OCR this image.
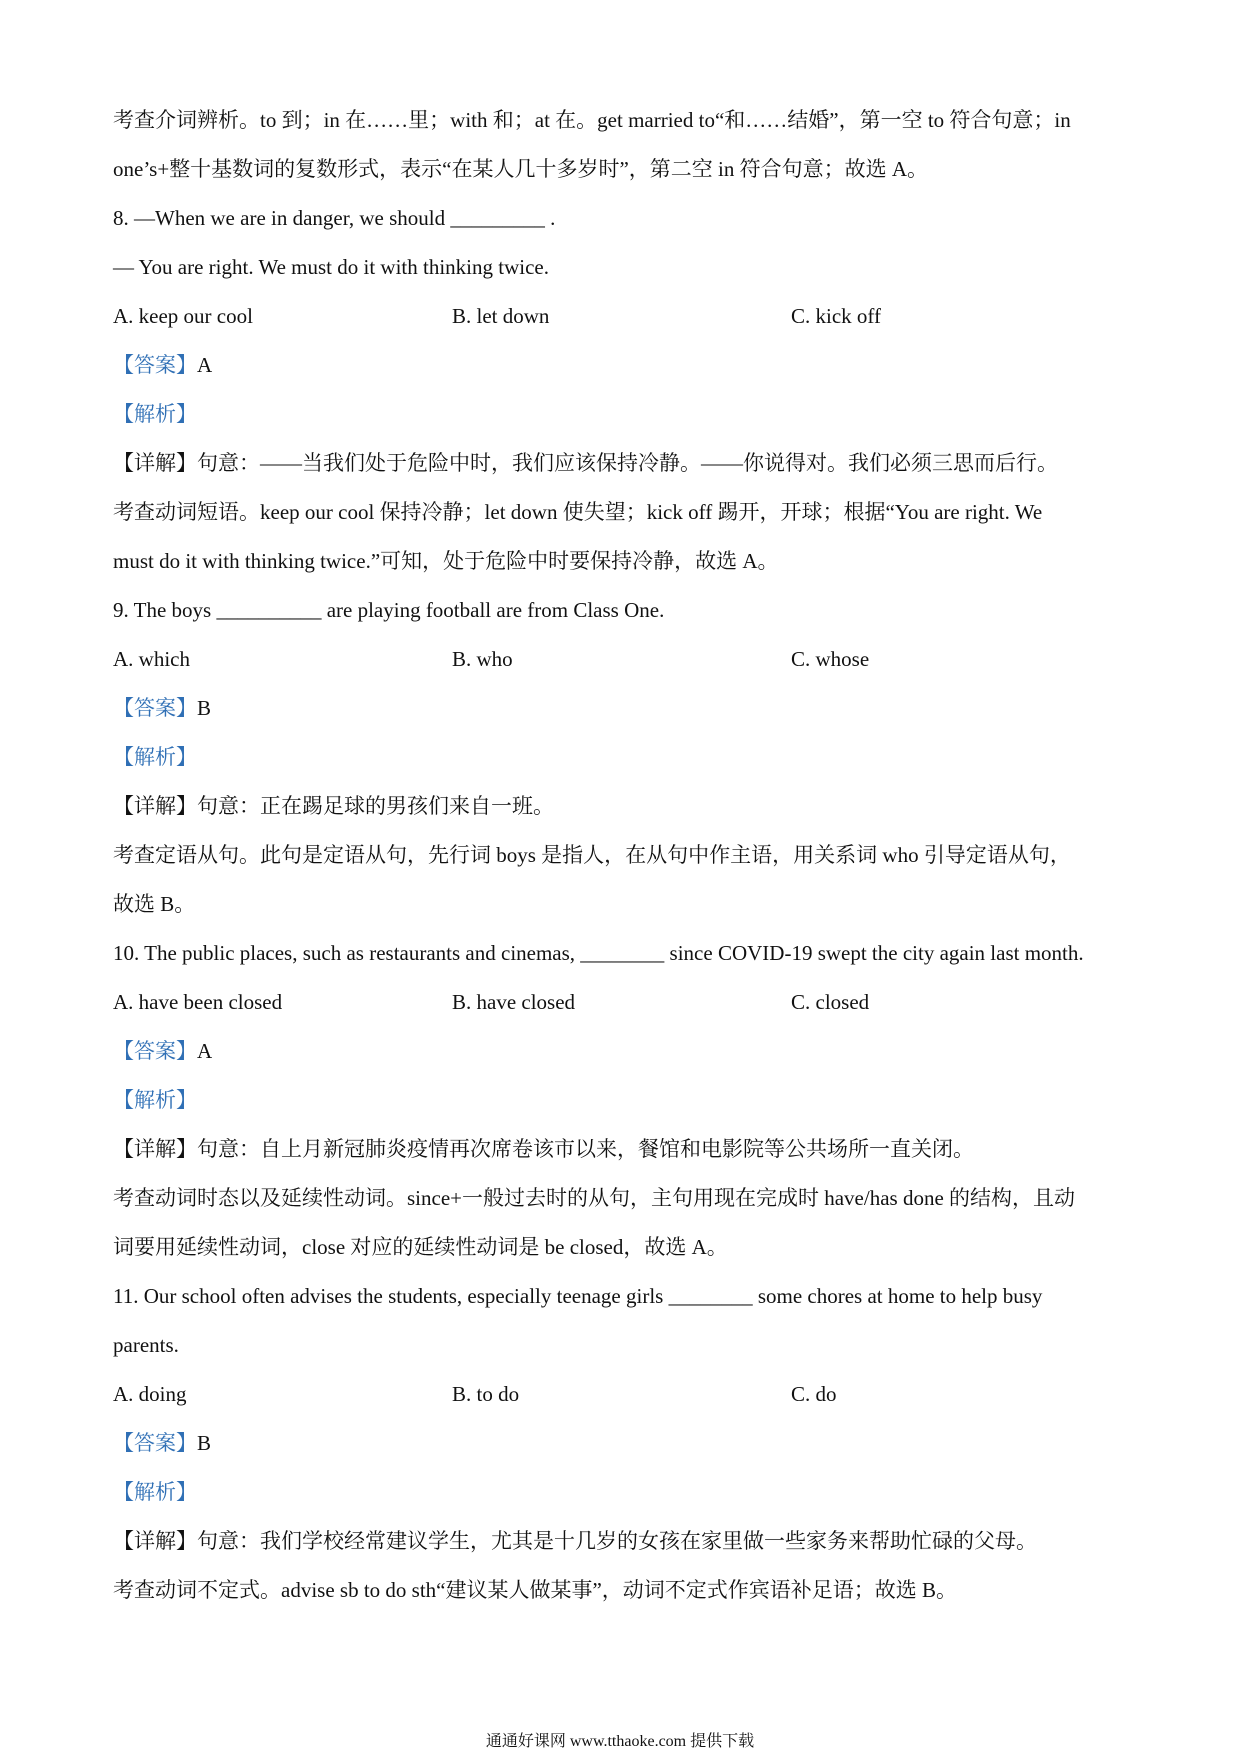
考查介词辨析。to 到；in 在……里；with 和；at 在。get married to“和……结婚”，第一空 to 符合句意；in
one’s+整十基数词的复数形式，表示“在某人几十多岁时”，第二空 in 符合句意；故选 A。
8. —When we are in danger, we should _________ .
— You are right. We must do it with thinking twice.
A. keep our cool	B. let down	C. kick off
【答案】A
【解析】
【详解】句意：——当我们处于危险中时，我们应该保持冷静。——你说得对。我们必须三思而后行。
考查动词短语。keep our cool 保持冷静；let down 使失望；kick off 踢开，开球；根据“You are right. We
must do it with thinking twice.”可知，处于危险中时要保持冷静，故选 A。
9. The boys __________ are playing football are from Class One.
A. which	B. who	C. whose
【答案】B
【解析】
【详解】句意：正在踢足球的男孩们来自一班。
考查定语从句。此句是定语从句，先行词 boys 是指人，在从句中作主语，用关系词 who 引导定语从句，
故选 B。
10. The public places, such as restaurants and cinemas, ________ since COVID-19 swept the city again last month.
A. have been closed	B. have closed	C. closed
【答案】A
【解析】
【详解】句意：自上月新冠肺炎疫情再次席卷该市以来，餐馆和电影院等公共场所一直关闭。
考查动词时态以及延续性动词。since+一般过去时的从句，主句用现在完成时 have/has done 的结构，且动
词要用延续性动词，close 对应的延续性动词是 be closed，故选 A。
11. Our school often advises the students, especially teenage girls ________ some chores at home to help busy
parents.
A. doing	B. to do	C. do
【答案】B
【解析】
【详解】句意：我们学校经常建议学生，尤其是十几岁的女孩在家里做一些家务来帮助忙碌的父母。
考查动词不定式。advise sb to do sth“建议某人做某事”，动词不定式作宾语补足语；故选 B。
通通好课网 www.tthaoke.com 提供下载
